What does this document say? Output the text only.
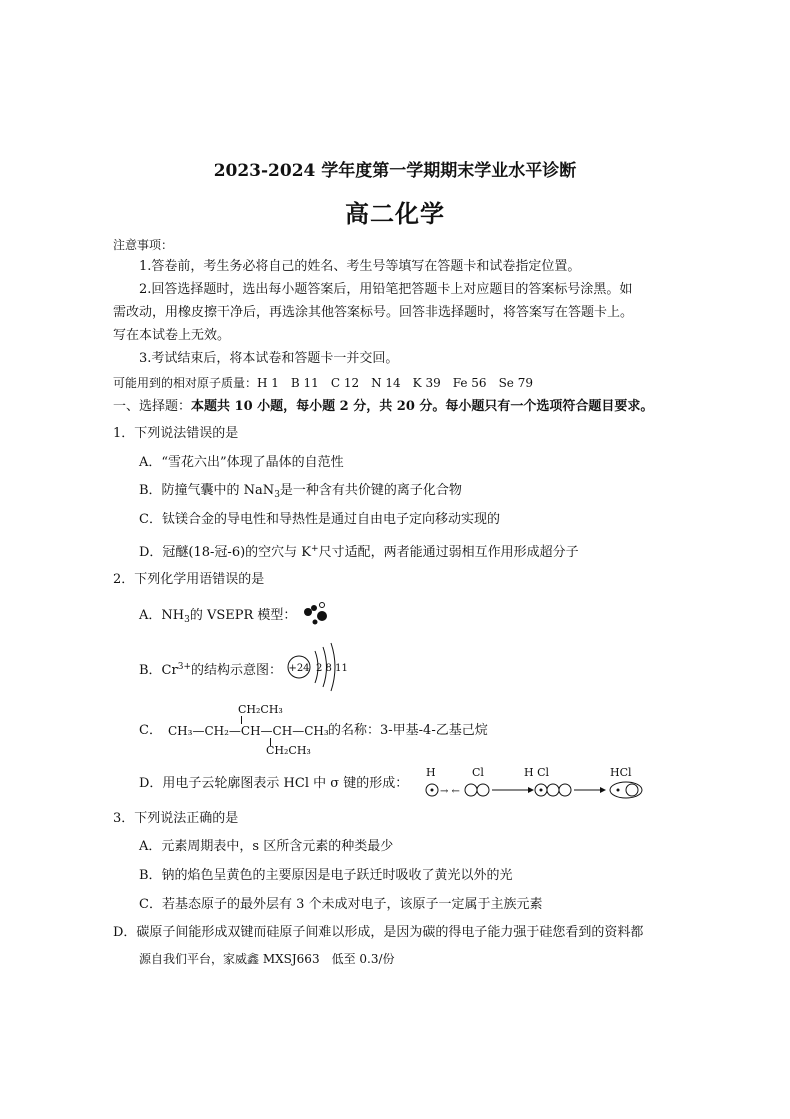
2023-2024 学年度第一学期期末学业水平诊断
高二化学
注意事项：
1.答卷前，考生务必将自己的姓名、考生号等填写在答题卡和试卷指定位置。
2.回答选择题时，选出每小题答案后，用铅笔把答题卡上对应题目的答案标号涂黑。如
需改动，用橡皮擦干净后，再选涂其他答案标号。回答非选择题时，将答案写在答题卡上。
写在本试卷上无效。
3.考试结束后，将本试卷和答题卡一并交回。
可能用到的相对原子质量：H 1　B 11　C 12　N 14　K 39　Fe 56　Se 79
一、选择题：本题共 10 小题，每小题 2 分，共 20 分。每小题只有一个选项符合题目要求。
1．下列说法错误的是
A．“雪花六出”体现了晶体的自范性
B．防撞气囊中的 NaN$_3$是一种含有共价键的离子化合物
C．钛镁合金的导电性和导热性是通过自由电子定向移动实现的
D．冠醚(18-冠-6)的空穴与 K+尺寸适配，两者能通过弱相互作用形成超分子
2．下列化学用语错误的是
A．$NH_3$的 VSEPR 模型：
B．$Cr^{3+}$的结构示意图： +24 2 8 11
C．
CH₂CH₃
CH₃—CH₂—CH—CH—CH₃
CH₂CH₃
的名称：3-甲基-4-乙基己烷
D．用电子云轮廓图表示 HCl 中 σ 键的形成：
H
→ ←
Cl	H Cl	HCl
3．下列说法正确的是
A．元素周期表中，s 区所含元素的种类最少
B．钠的焰色呈黄色的主要原因是电子跃迁时吸收了黄光以外的光
C．若基态原子的最外层有 3 个未成对电子，该原子一定属于主族元素
D．碳原子间能形成双键而硅原子间难以形成，是因为碳的得电子能力强于硅您看到的资料都
源自我们平台，家威鑫 MXSJ663　低至 0.3/份
